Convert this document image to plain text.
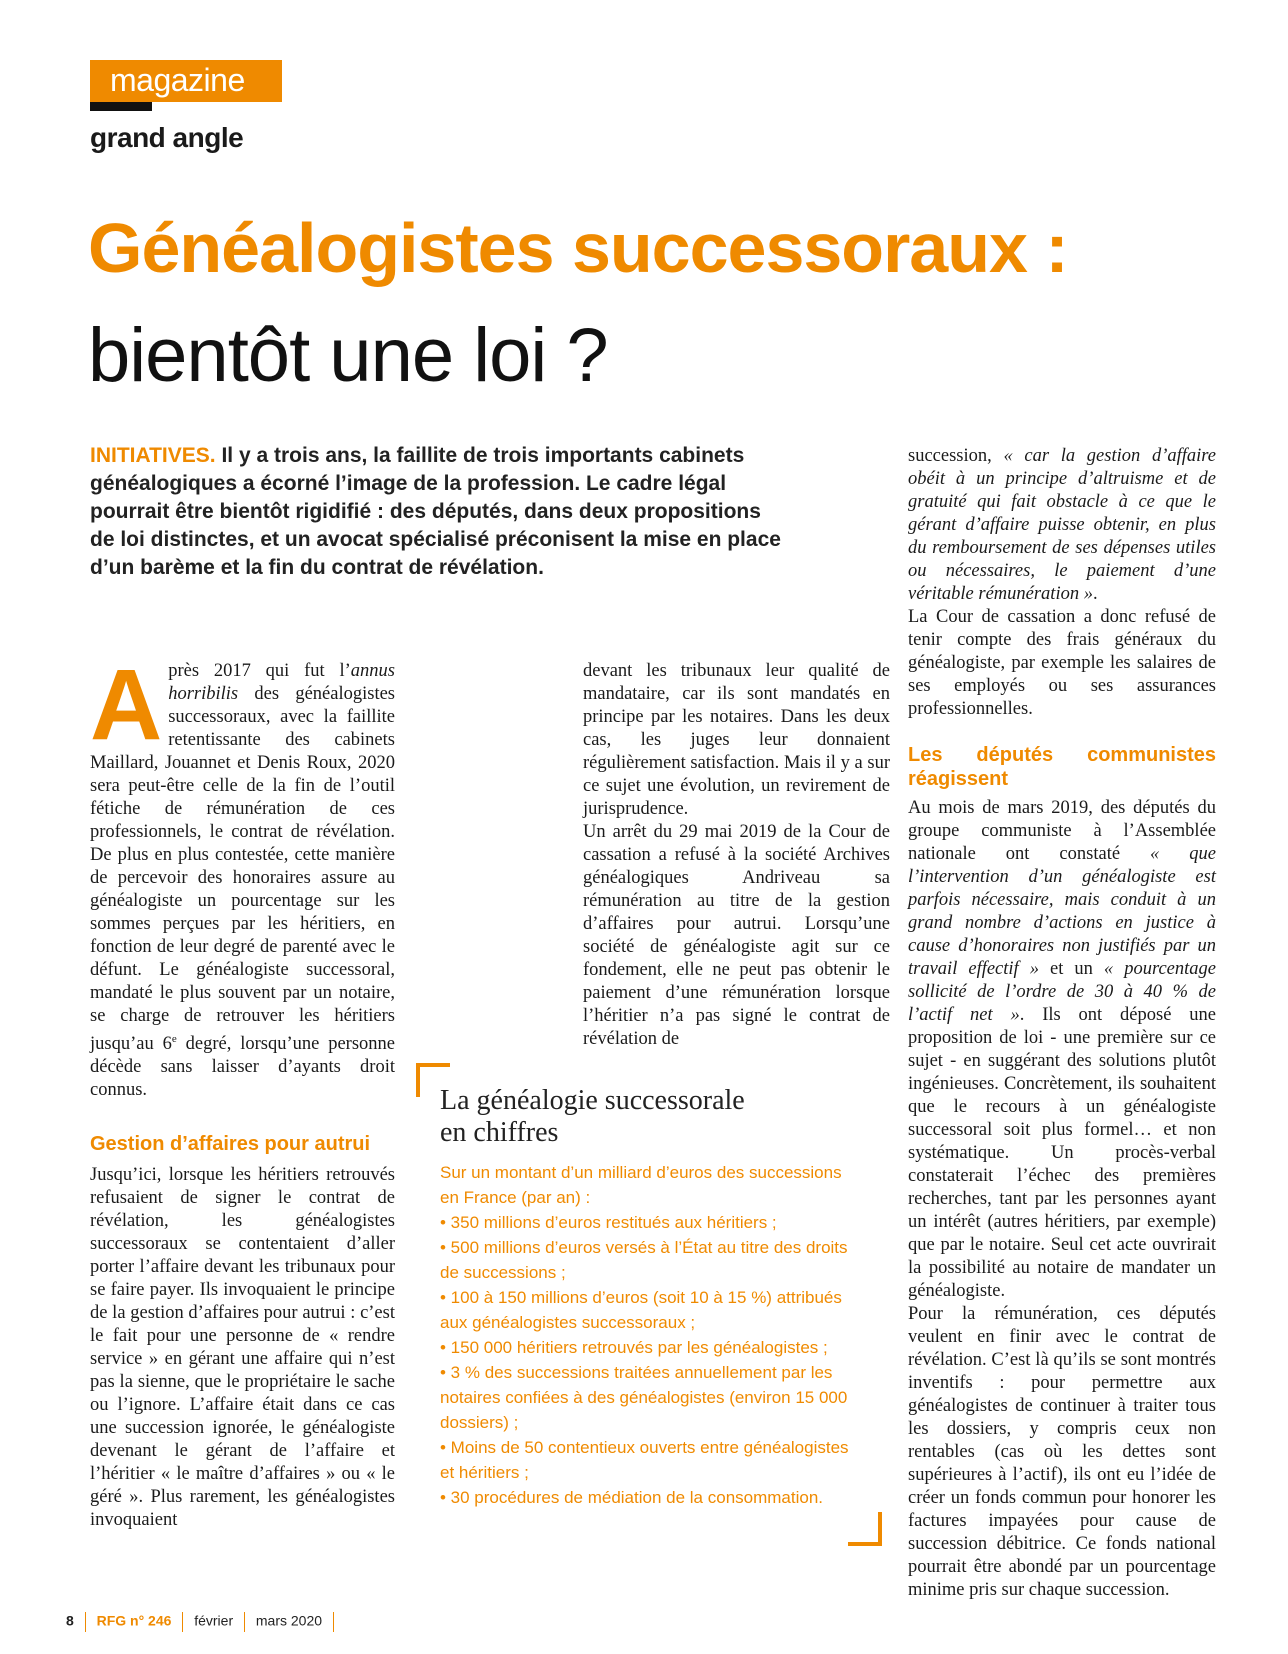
magazine
grand angle
Généalogistes successoraux :
bientôt une loi ?
INITIATIVES. Il y a trois ans, la faillite de trois importants cabinets généalogiques a écorné l’image de la profession. Le cadre légal pourrait être bientôt rigidifié : des députés, dans deux propositions de loi distinctes, et un avocat spécialisé préconisent la mise en place d’un barème et la fin du contrat de révélation.

Après 2017 qui fut l’annus horribilis des généalogistes successoraux, avec la faillite retentissante des cabinets Maillard, Jouannet et Denis Roux, 2020 sera peut-être celle de la fin de l’outil fétiche de rémunération de ces professionnels, le contrat de révélation. De plus en plus contestée, cette manière de percevoir des honoraires assure au généalogiste un pourcentage sur les sommes perçues par les héritiers, en fonction de leur degré de parenté avec le défunt. Le généalogiste successoral, mandaté le plus souvent par un notaire, se charge de retrouver les héritiers jusqu’au 6e degré, lorsqu’une personne décède sans laisser d’ayants droit connus.

Gestion d’affaires pour autrui

Jusqu’ici, lorsque les héritiers retrouvés refusaient de signer le contrat de révélation, les généalogistes successoraux se contentaient d’aller porter l’affaire devant les tribunaux pour se faire payer. Ils invoquaient le principe de la gestion d’affaires pour autrui : c’est le fait pour une personne de « rendre service » en gérant une affaire qui n’est pas la sienne, que le propriétaire le sache ou l’ignore. L’affaire était dans ce cas une succession ignorée, le généalogiste devenant le gérant de l’affaire et l’héritier « le maître d’affaires » ou « le géré ». Plus rarement, les généalogistes invoquaient

devant les tribunaux leur qualité de mandataire, car ils sont mandatés en principe par les notaires. Dans les deux cas, les juges leur donnaient régulièrement satisfaction. Mais il y a sur ce sujet une évolution, un revirement de jurisprudence.

Un arrêt du 29 mai 2019 de la Cour de cassation a refusé à la société Archives généalogiques Andriveau sa rémunération au titre de la gestion d’affaires pour autrui. Lorsqu’une société de généalogiste agit sur ce fondement, elle ne peut pas obtenir le paiement d’une rémunération lorsque l’héritier n’a pas signé le contrat de révélation de

succession, « car la gestion d’affaire obéit à un principe d’altruisme et de gratuité qui fait obstacle à ce que le gérant d’affaire puisse obtenir, en plus du remboursement de ses dépenses utiles ou nécessaires, le paiement d’une véritable rémunération ».

La Cour de cassation a donc refusé de tenir compte des frais généraux du généalogiste, par exemple les salaires de ses employés ou ses assurances professionnelles.

Les députés communistes réagissent

Au mois de mars 2019, des députés du groupe communiste à l’Assemblée nationale ont constaté « que l’intervention d’un généalogiste est parfois nécessaire, mais conduit à un grand nombre d’actions en justice à cause d’honoraires non justifiés par un travail effectif » et un « pourcentage sollicité de l’ordre de 30 à 40 % de l’actif net ». Ils ont déposé une proposition de loi - une première sur ce sujet - en suggérant des solutions plutôt ingénieuses. Concrètement, ils souhaitent que le recours à un généalogiste successoral soit plus formel… et non systématique. Un procès-verbal constaterait l’échec des premières recherches, tant par les personnes ayant un intérêt (autres héritiers, par exemple) que par le notaire. Seul cet acte ouvrirait la possibilité au notaire de mandater un généalogiste.

Pour la rémunération, ces députés veulent en finir avec le contrat de révélation. C’est là qu’ils se sont montrés inventifs : pour permettre aux généalogistes de continuer à traiter tous les dossiers, y compris ceux non rentables (cas où les dettes sont supérieures à l’actif), ils ont eu l’idée de créer un fonds commun pour honorer les factures impayées pour cause de succession débitrice. Ce fonds national pourrait être abondé par un pourcentage minime pris sur chaque succession.

La généalogie successorale
en chiffres
Sur un montant d’un milliard d’euros des successions en France (par an) :
• 350 millions d’euros restitués aux héritiers ;
• 500 millions d’euros versés à l’État au titre des droits de successions ;
• 100 à 150 millions d’euros (soit 10 à 15 %) attribués aux généalogistes successoraux ;
• 150 000 héritiers retrouvés par les généalogistes ;
• 3 % des successions traitées annuellement par les notaires confiées à des généalogistes (environ 15 000 dossiers) ;
• Moins de 50 contentieux ouverts entre généalogistes et héritiers ;
• 30 procédures de médiation de la consommation.
8 RFG n° 246 février mars 2020
